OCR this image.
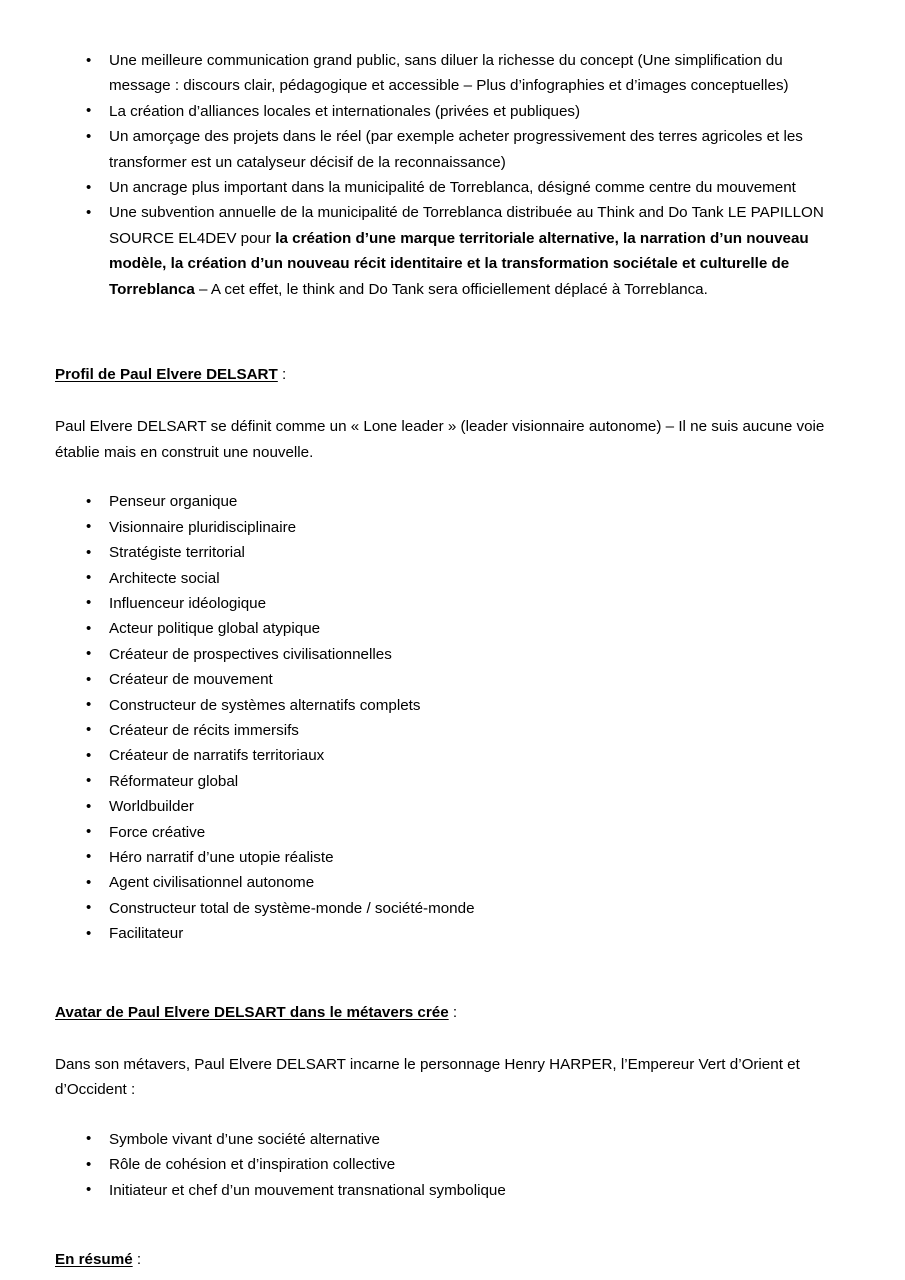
• Une meilleure communication grand public, sans diluer la richesse du concept (Une simplification du message : discours clair, pédagogique et accessible – Plus d’infographies et d’images conceptuelles)
• La création d’alliances locales et internationales (privées et publiques)
• Un amorçage des projets dans le réel (par exemple acheter progressivement des terres agricoles et les transformer est un catalyseur décisif de la reconnaissance)
• Un ancrage plus important dans la municipalité de Torreblanca, désigné comme centre du mouvement
• Une subvention annuelle de la municipalité de Torreblanca distribuée au Think and Do Tank LE PAPILLON SOURCE EL4DEV pour la création d’une marque territoriale alternative, la narration d’un nouveau modèle, la création d’un nouveau récit identitaire et la transformation sociétale et culturelle de Torreblanca – A cet effet, le think and Do Tank sera officiellement déplacé à Torreblanca.
Profil de Paul Elvere DELSART :

Paul Elvere DELSART se définit comme un « Lone leader » (leader visionnaire autonome) – Il ne suis aucune voie établie mais en construit une nouvelle.

• Penseur organique
• Visionnaire pluridisciplinaire
• Stratégiste territorial
• Architecte social
• Influenceur idéologique
• Acteur politique global atypique
• Créateur de prospectives civilisationnelles
• Créateur de mouvement
• Constructeur de systèmes alternatifs complets
• Créateur de récits immersifs
• Créateur de narratifs territoriaux
• Réformateur global
• Worldbuilder
• Force créative
• Héro narratif d’une utopie réaliste
• Agent civilisationnel autonome
• Constructeur total de système-monde / société-monde
• Facilitateur
Avatar de Paul Elvere DELSART dans le métavers crée :

Dans son métavers, Paul Elvere DELSART incarne le personnage Henry HARPER, l’Empereur Vert d’Orient et d’Occident :

• Symbole vivant d’une société alternative
• Rôle de cohésion et d’inspiration collective
• Initiateur et chef d’un mouvement transnational symbolique
En résumé :
